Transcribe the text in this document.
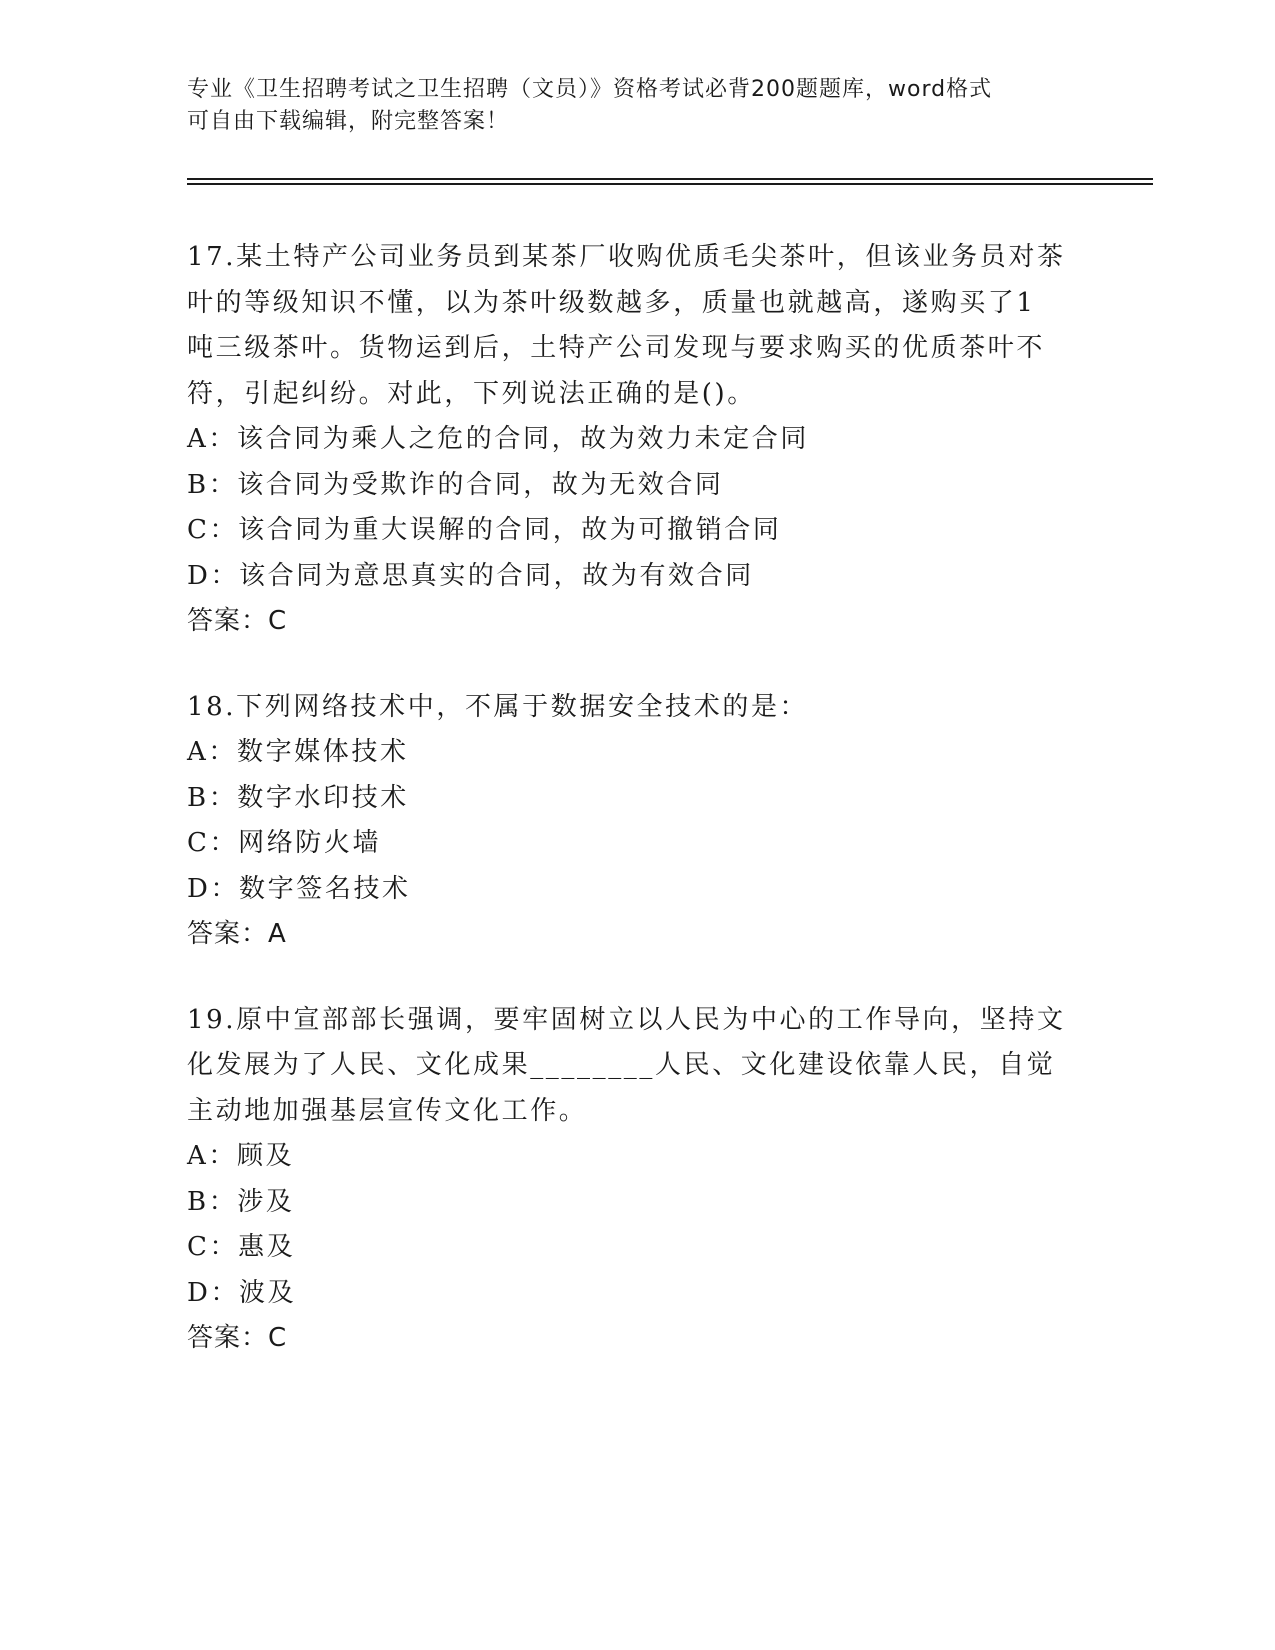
专业《卫生招聘考试之卫生招聘（文员）》资格考试必背200题题库，word格式
可自由下载编辑，附完整答案！
17.某土特产公司业务员到某茶厂收购优质毛尖茶叶，但该业务员对茶
叶的等级知识不懂，以为茶叶级数越多，质量也就越高，遂购买了1
吨三级茶叶。货物运到后，土特产公司发现与要求购买的优质茶叶不
符，引起纠纷。对此，下列说法正确的是()。
A：该合同为乘人之危的合同，故为效力未定合同
B：该合同为受欺诈的合同，故为无效合同
C：该合同为重大误解的合同，故为可撤销合同
D：该合同为意思真实的合同，故为有效合同
答案：C
18.下列网络技术中，不属于数据安全技术的是：
A：数字媒体技术
B：数字水印技术
C：网络防火墙
D：数字签名技术
答案：A
19.原中宣部部长强调，要牢固树立以人民为中心的工作导向，坚持文
化发展为了人民、文化成果________人民、文化建设依靠人民，自觉
主动地加强基层宣传文化工作。
A：顾及
B：涉及
C：惠及
D：波及
答案：C
